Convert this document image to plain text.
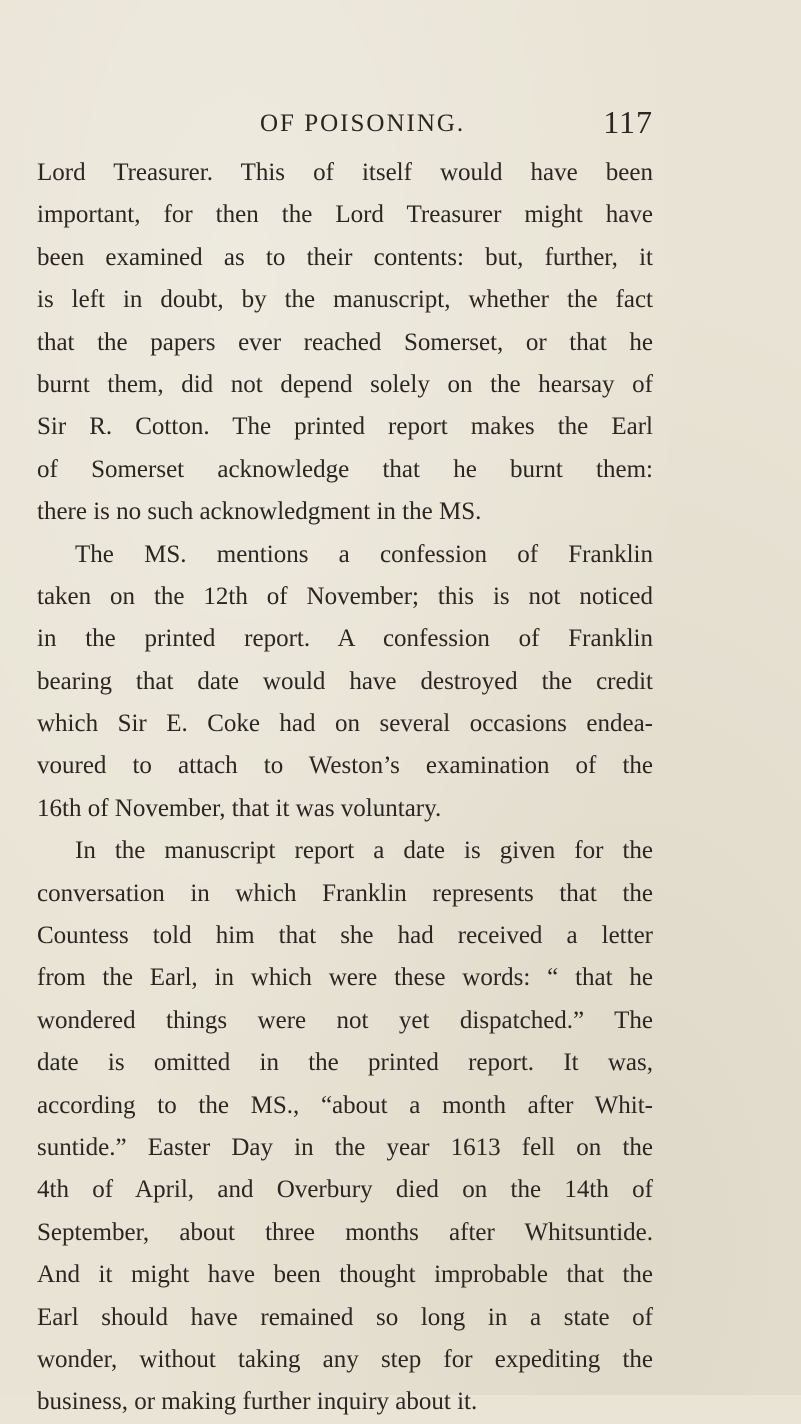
OF POISONING.	117
Lord Treasurer. This of itself would have been
important, for then the Lord Treasurer might have
been examined as to their contents: but, further, it
is left in doubt, by the manuscript, whether the fact
that the papers ever reached Somerset, or that he
burnt them, did not depend solely on the hearsay of
Sir R. Cotton. The printed report makes the Earl
of Somerset acknowledge that he burnt them:
there is no such acknowledgment in the MS.
The MS. mentions a confession of Franklin
taken on the 12th of November; this is not noticed
in the printed report. A confession of Franklin
bearing that date would have destroyed the credit
which Sir E. Coke had on several occasions endea-
voured to attach to Weston’s examination of the
16th of November, that it was voluntary.
In the manuscript report a date is given for the
conversation in which Franklin represents that the
Countess told him that she had received a letter
from the Earl, in which were these words: “ that he
wondered things were not yet dispatched.” The
date is omitted in the printed report. It was,
according to the MS., “about a month after Whit-
suntide.” Easter Day in the year 1613 fell on the
4th of April, and Overbury died on the 14th of
September, about three months after Whitsuntide.
And it might have been thought improbable that the
Earl should have remained so long in a state of
wonder, without taking any step for expediting the
business, or making further inquiry about it.
